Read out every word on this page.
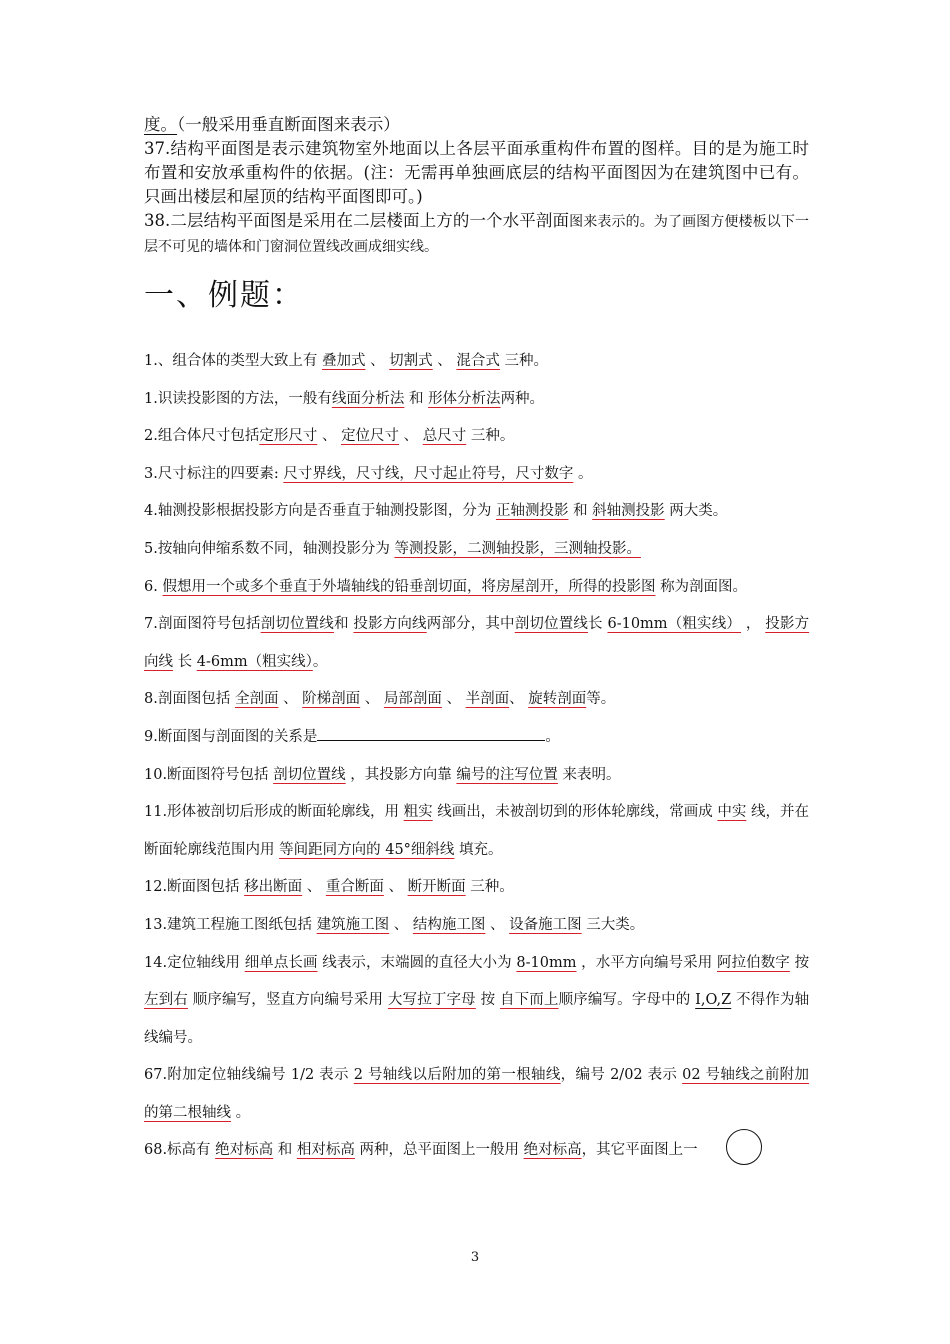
度。（一般采用垂直断面图来表示）

37.结构平面图是表示建筑物室外地面以上各层平面承重构件布置的图样。目的是为施工时布置和安放承重构件的依据。(注：无需再单独画底层的结构平面图因为在建筑图中已有。只画出楼层和屋顶的结构平面图即可。)

38.二层结构平面图是采用在二层楼面上方的一个水平剖面图来表示的。为了画图方便楼板以下一层不可见的墙体和门窗洞位置线改画成细实线。

一、例题：

1.、组合体的类型大致上有 叠加式 、 切割式 、 混合式 三种。

1.识读投影图的方法，一般有线面分析法 和 形体分析法两种。

2.组合体尺寸包括定形尺寸 、 定位尺寸 、 总尺寸 三种。

3.尺寸标注的四要素: 尺寸界线，尺寸线，尺寸起止符号，尺寸数字 。

4.轴测投影根据投影方向是否垂直于轴测投影图，分为 正轴测投影 和 斜轴测投影 两大类。

5.按轴向伸缩系数不同，轴测投影分为 等测投影，二测轴投影，三测轴投影。

6. 假想用一个或多个垂直于外墙轴线的铅垂剖切面，将房屋剖开，所得的投影图 称为剖面图。

7.剖面图符号包括剖切位置线和 投影方向线两部分，其中剖切位置线长 6-10mm（粗实线） ， 投影方向线 长 4-6mm（粗实线）。

8.剖面图包括 全剖面 、 阶梯剖面 、 局部剖面 、 半剖面、 旋转剖面等。

9.断面图与剖面图的关系是	。

10.断面图符号包括 剖切位置线 ，其投影方向靠 编号的注写位置 来表明。

11.形体被剖切后形成的断面轮廓线，用 粗实 线画出，未被剖切到的形体轮廓线，常画成 中实 线，并在断面轮廓线范围内用 等间距同方向的 45°细斜线 填充。

12.断面图包括 移出断面 、 重合断面 、 断开断面 三种。

13.建筑工程施工图纸包括 建筑施工图 、 结构施工图 、 设备施工图 三大类。

14.定位轴线用 细单点长画 线表示，末端圆的直径大小为 8-10mm ，水平方向编号采用 阿拉伯数字 按 左到右 顺序编写，竖直方向编号采用 大写拉丁字母 按 自下而上顺序编写。字母中的 I,O,Z 不得作为轴线编号。

67.附加定位轴线编号 1/2 表示 2 号轴线以后附加的第一根轴线，编号 2/02 表示 02 号轴线之前附加的第二根轴线 。

68.标高有 绝对标高 和 相对标高 两种，总平面图上一般用 绝对标高，其它平面图上一

3
